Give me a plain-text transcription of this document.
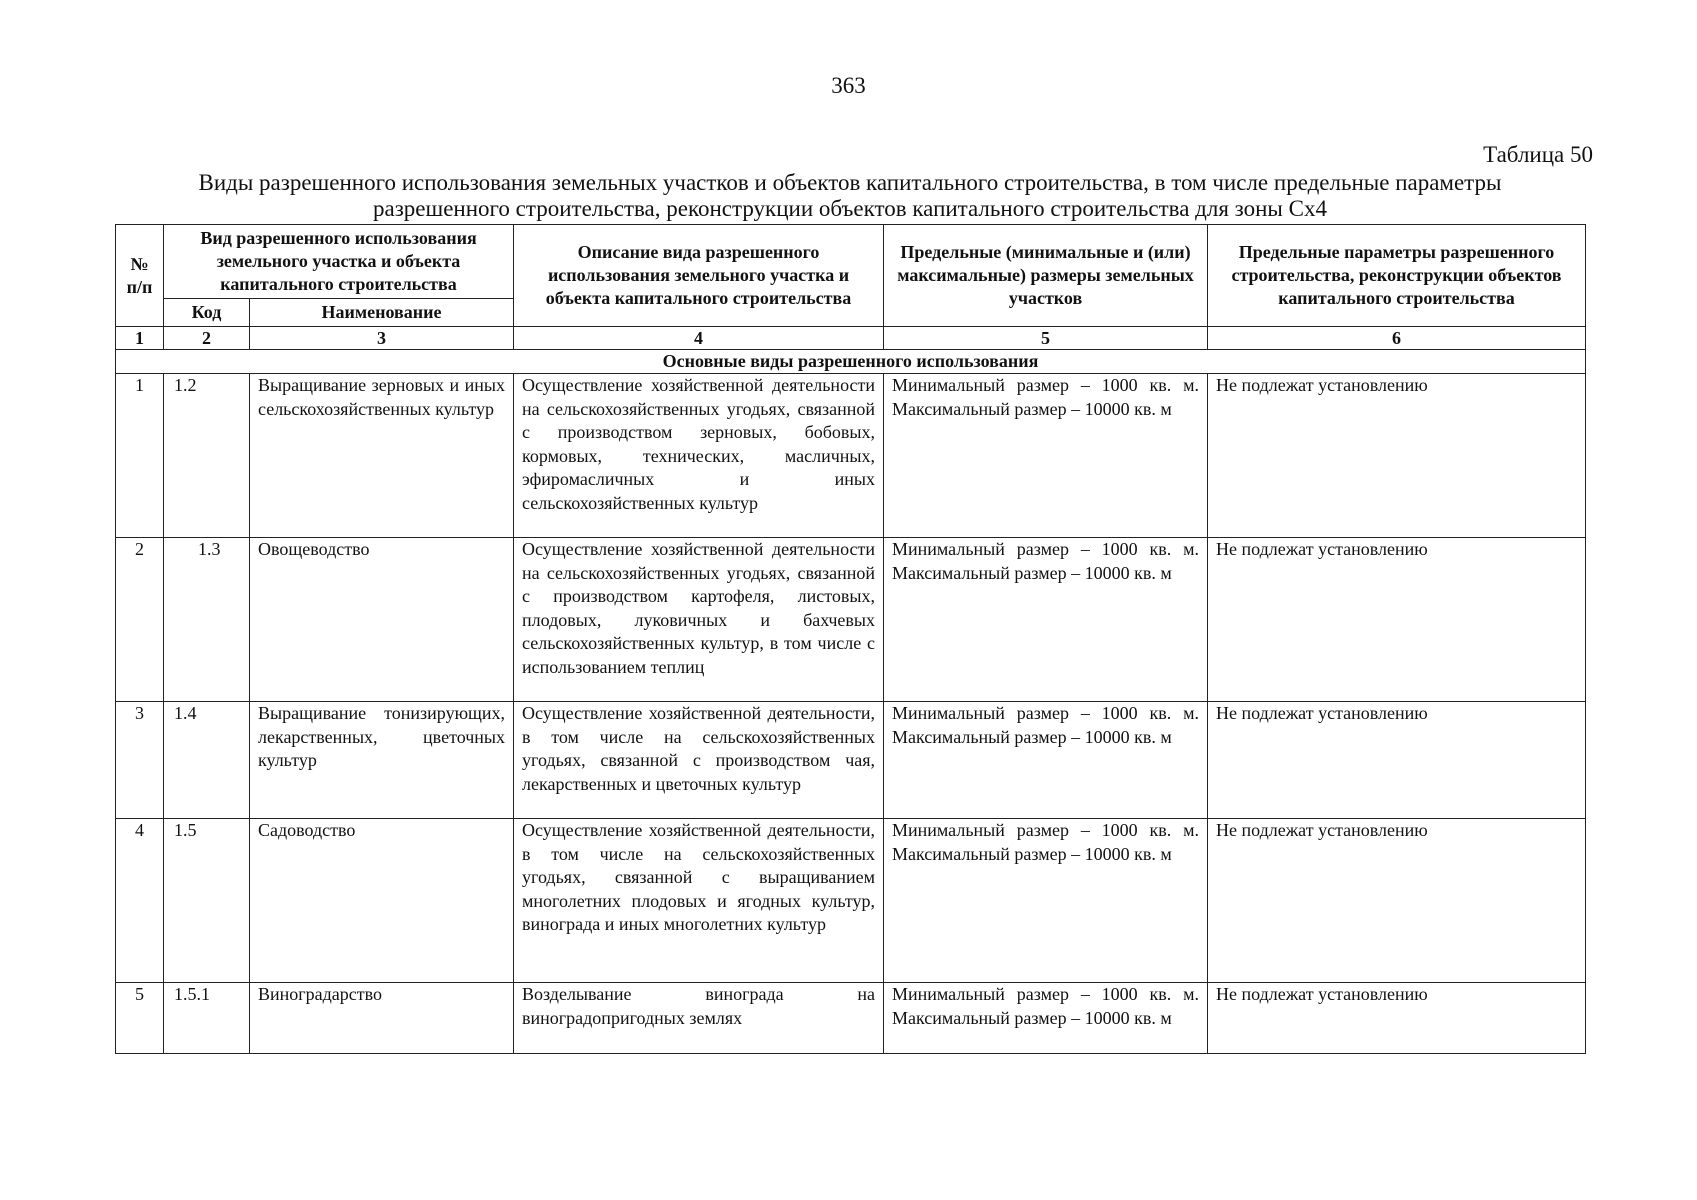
363
Таблица 50
Виды разрешенного использования земельных участков и объектов капитального строительства, в том числе предельные параметры разрешенного строительства, реконструкции объектов капитального строительства для зоны Сх4
№ п/п	Вид разрешенного использования земельного участка и объекта капитального строительства		Описание вида разрешенного использования земельного участка и объекта капитального строительства	Предельные (минимальные и (или) максимальные) размеры земельных участков	Предельные параметры разрешенного строительства, реконструкции объектов капитального строительства
	Код	Наименование			
1	2	3	4	5	6
Основные виды разрешенного использования					
1	1.2	Выращивание зерновых и иных сельскохозяйственных культур	Осуществление хозяйственной деятельности на сельскохозяйственных угодьях, связанной с производством зерновых, бобовых, кормовых, технических, масличных, эфиромасличных и иных сельскохозяйственных культур	Минимальный размер – 1000 кв. м. Максимальный размер – 10000 кв. м	Не подлежат установлению
2	1.3	Овощеводство	Осуществление хозяйственной деятельности на сельскохозяйственных угодьях, связанной с производством картофеля, листовых, плодовых, луковичных и бахчевых сельскохозяйственных культур, в том числе с использованием теплиц	Минимальный размер – 1000 кв. м. Максимальный размер – 10000 кв. м	Не подлежат установлению
3	1.4	Выращивание тонизирующих, лекарственных, цветочных культур	Осуществление хозяйственной деятельности, в том числе на сельскохозяйственных угодьях, связанной с производством чая, лекарственных и цветочных культур	Минимальный размер – 1000 кв. м. Максимальный размер – 10000 кв. м	Не подлежат установлению
4	1.5	Садоводство	Осуществление хозяйственной деятельности, в том числе на сельскохозяйственных угодьях, связанной с выращиванием многолетних плодовых и ягодных культур, винограда и иных многолетних культур	Минимальный размер – 1000 кв. м. Максимальный размер – 10000 кв. м	Не подлежат установлению
5	1.5.1	Виноградарство	Возделывание винограда на виноградопригодных землях	Минимальный размер – 1000 кв. м. Максимальный размер – 10000 кв. м	Не подлежат установлению
